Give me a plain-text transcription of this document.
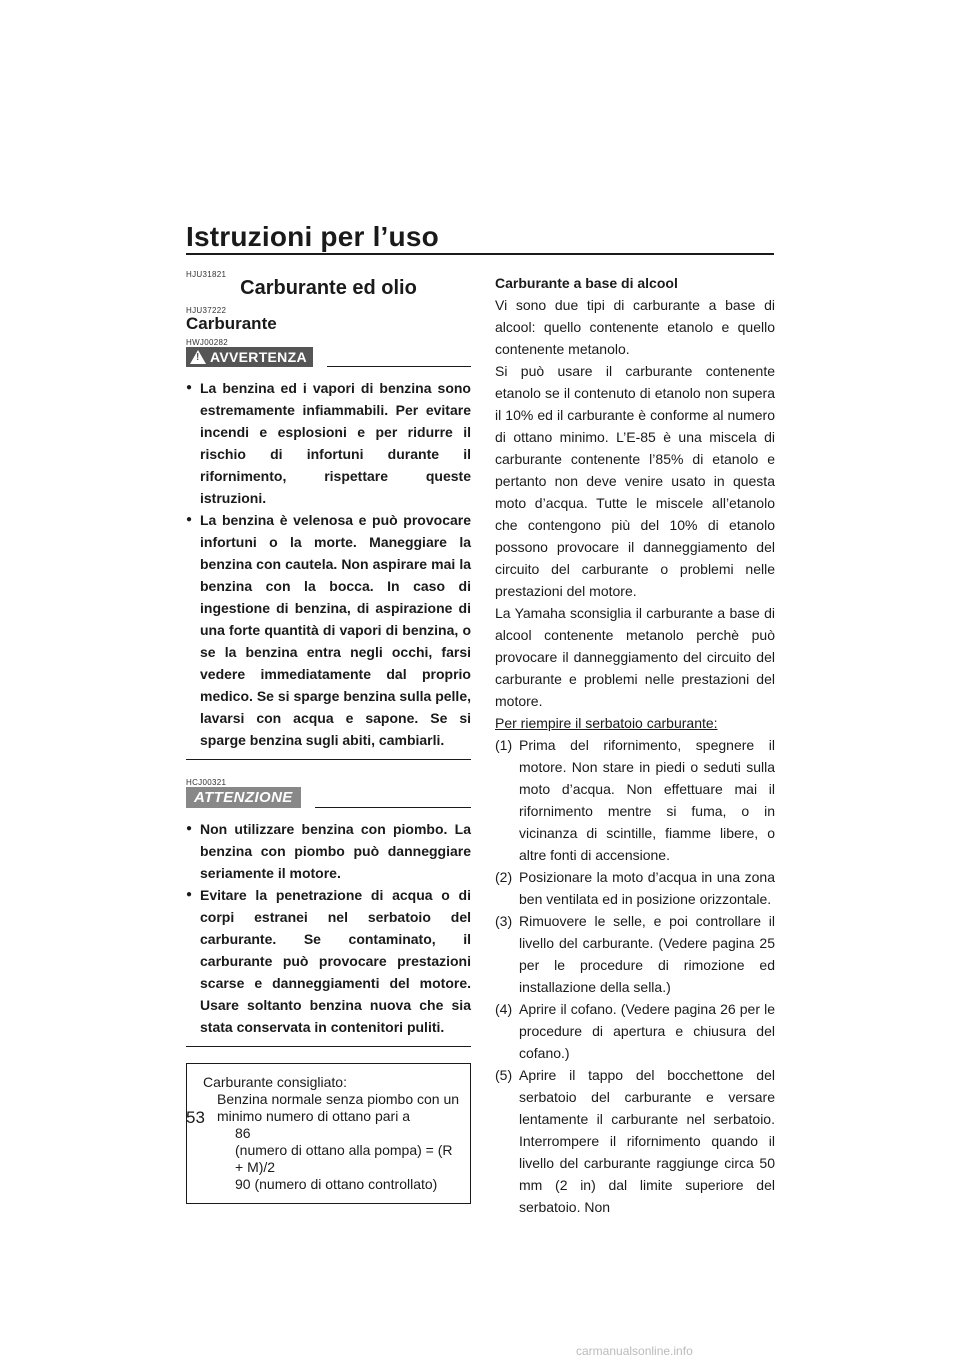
Istruzioni per l’uso
HJU31821
Carburante ed olio
HJU37222
Carburante
HWJ00282
! AVVERTENZA
● La benzina ed i vapori di benzina sono estremamente infiammabili. Per evitare incendi e esplosioni e per ridurre il rischio di infortuni durante il rifornimento, rispettare queste istruzioni.
● La benzina è velenosa e può provocare infortuni o la morte. Maneggiare la benzina con cautela. Non aspirare mai la benzina con la bocca. In caso di ingestione di benzina, di aspirazione di una forte quantità di vapori di benzina, o se la benzina entra negli occhi, farsi vedere immediatamente dal proprio medico. Se si sparge benzina sulla pelle, lavarsi con acqua e sapone. Se si sparge benzina sugli abiti, cambiarli.
HCJ00321
ATTENZIONE
● Non utilizzare benzina con piombo. La benzina con piombo può danneggiare seriamente il motore.
● Evitare la penetrazione di acqua o di corpi estranei nel serbatoio del carburante. Se contaminato, il carburante può provocare prestazioni scarse e danneggiamenti del motore. Usare soltanto benzina nuova che sia stata conservata in contenitori puliti.
Carburante consigliato:
Benzina normale senza piombo con un minimo numero di ottano pari a
86
(numero di ottano alla pompa) = (R + M)/2
90 (numero di ottano controllato)
Carburante a base di alcool

Vi sono due tipi di carburante a base di alcool: quello contenente etanolo e quello contenente metanolo.

Si può usare il carburante contenente etanolo se il contenuto di etanolo non supera il 10% ed il carburante è conforme al numero di ottano minimo. L’E-85 è una miscela di carburante contenente l’85% di etanolo e pertanto non deve venire usato in questa moto d’acqua. Tutte le miscele all’etanolo che contengono più del 10% di etanolo possono provocare il danneggiamento del circuito del carburante o problemi nelle prestazioni del motore.

La Yamaha sconsiglia il carburante a base di alcool contenente metanolo perchè può provocare il danneggiamento del circuito del carburante e problemi nelle prestazioni del motore.

Per riempire il serbatoio carburante:
(1) Prima del rifornimento, spegnere il motore. Non stare in piedi o seduti sulla moto d’acqua. Non effettuare mai il rifornimento mentre si fuma, o in vicinanza di scintille, fiamme libere, o altre fonti di accensione.
(2) Posizionare la moto d’acqua in una zona ben ventilata ed in posizione orizzontale.
(3) Rimuovere le selle, e poi controllare il livello del carburante. (Vedere pagina 25 per le procedure di rimozione ed installazione della sella.)
(4) Aprire il cofano. (Vedere pagina 26 per le procedure di apertura e chiusura del cofano.)
(5) Aprire il tappo del bocchettone del serbatoio del carburante e versare lentamente il carburante nel serbatoio. Interrompere il rifornimento quando il livello del carburante raggiunge circa 50 mm (2 in) dal limite superiore del serbatoio. Non
53
carmanualsonline.info
